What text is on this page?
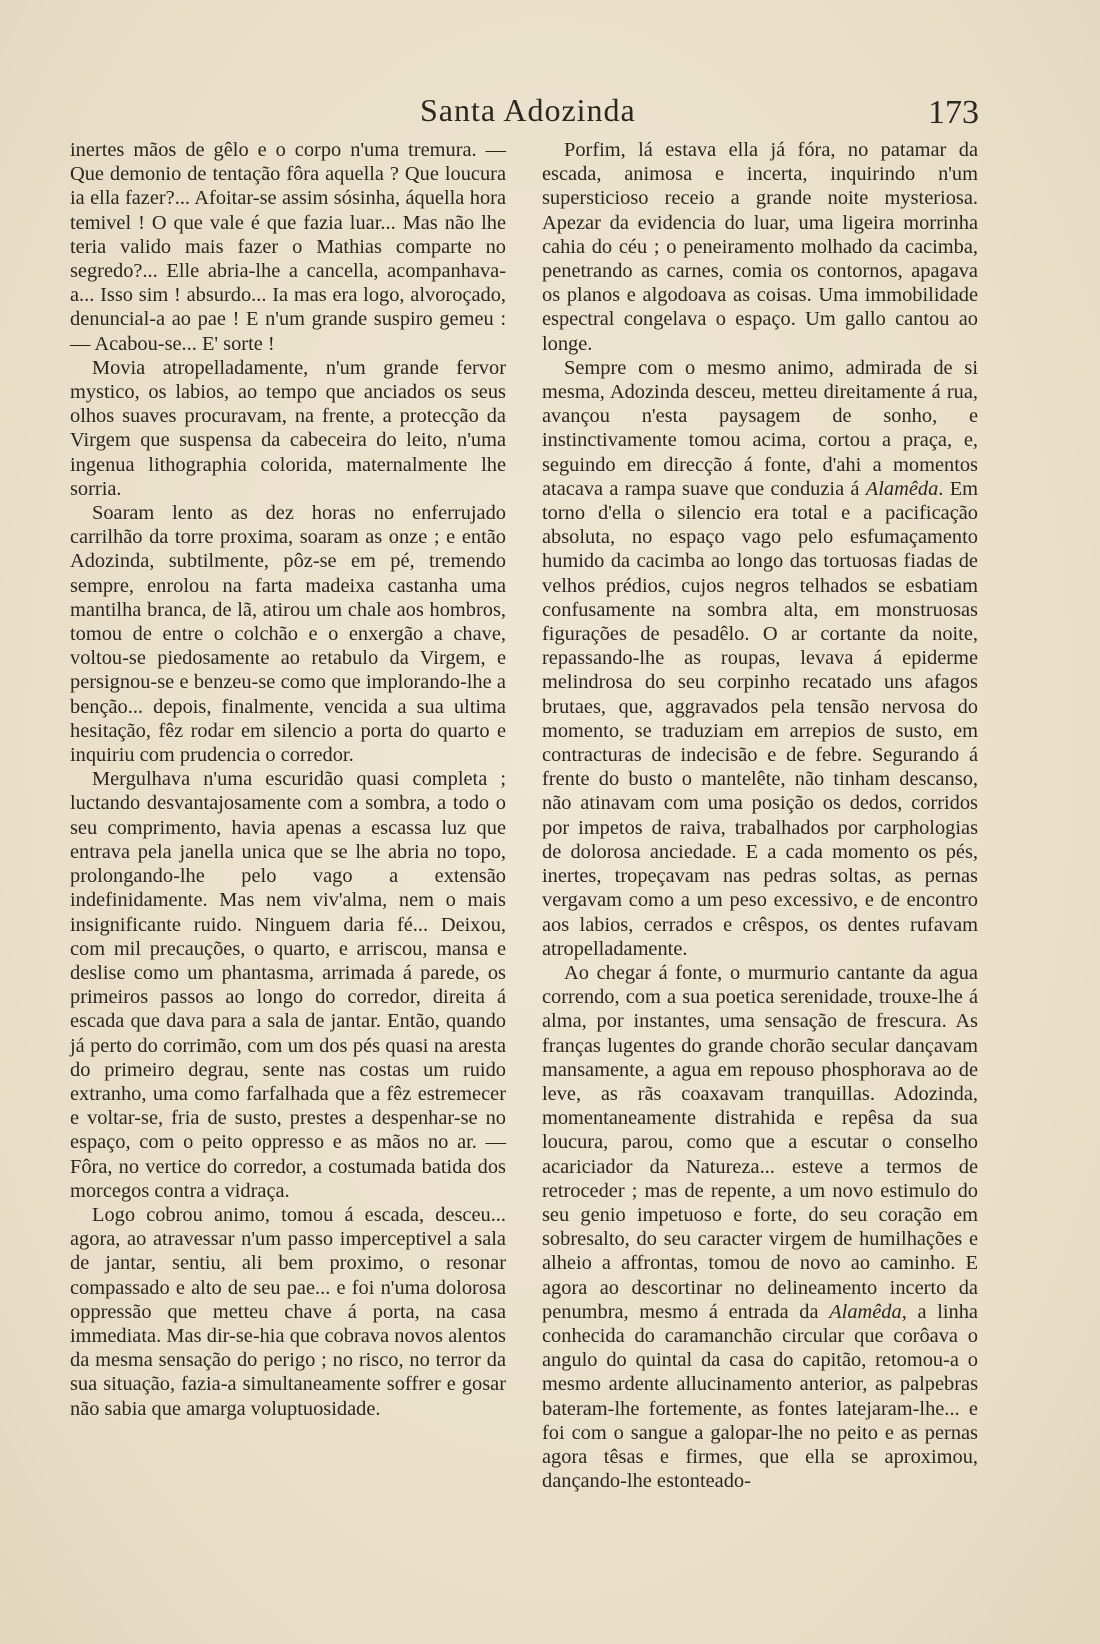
Santa Adozinda	173

inertes mãos de gêlo e o corpo n'uma tremura. — Que demonio de tentação fôra aquella ? Que loucura ia ella fazer?... Afoitar-se assim sósinha, áquella hora temivel ! O que vale é que fazia luar... Mas não lhe teria valido mais fazer o Mathias comparte no segredo?... Elle abria-lhe a cancella, acompanhava-a... Isso sim ! absurdo... Ia mas era logo, alvoroçado, denuncial-a ao pae ! E n'um grande suspiro gemeu : — Acabou-se... E' sorte !

Movia atropelladamente, n'um grande fervor mystico, os labios, ao tempo que anciados os seus olhos suaves procuravam, na frente, a protecção da Virgem que suspensa da cabeceira do leito, n'uma ingenua lithographia colorida, maternalmente lhe sorria.

Soaram lento as dez horas no enferrujado carrilhão da torre proxima, soaram as onze ; e então Adozinda, subtilmente, pôz-se em pé, tremendo sempre, enrolou na farta madeixa castanha uma mantilha branca, de lã, atirou um chale aos hombros, tomou de entre o colchão e o enxergão a chave, voltou-se piedosamente ao retabulo da Virgem, e persignou-se e benzeu-se como que implorando-lhe a benção... depois, finalmente, vencida a sua ultima hesitação, fêz rodar em silencio a porta do quarto e inquiriu com prudencia o corredor.

Mergulhava n'uma escuridão quasi completa ; luctando desvantajosamente com a sombra, a todo o seu comprimento, havia apenas a escassa luz que entrava pela janella unica que se lhe abria no topo, prolongando-lhe pelo vago a extensão indefinidamente. Mas nem viv'alma, nem o mais insignificante ruido. Ninguem daria fé... Deixou, com mil precauções, o quarto, e arriscou, mansa e deslise como um phantasma, arrimada á parede, os primeiros passos ao longo do corredor, direita á escada que dava para a sala de jantar. Então, quando já perto do corrimão, com um dos pés quasi na aresta do primeiro degrau, sente nas costas um ruido extranho, uma como farfalhada que a fêz estremecer e voltar-se, fria de susto, prestes a despenhar-se no espaço, com o peito oppresso e as mãos no ar. — Fôra, no vertice do corredor, a costumada batida dos morcegos contra a vidraça.

Logo cobrou animo, tomou á escada, desceu... agora, ao atravessar n'um passo imperceptivel a sala de jantar, sentiu, ali bem proximo, o resonar compassado e alto de seu pae... e foi n'uma dolorosa oppressão que metteu chave á porta, na casa immediata. Mas dir-se-hia que cobrava novos alentos da mesma sensação do perigo ; no risco, no terror da sua situação, fazia-a simultaneamente soffrer e gosar não sabia que amarga voluptuosidade.

Porfim, lá estava ella já fóra, no patamar da escada, animosa e incerta, inquirindo n'um supersticioso receio a grande noite mysteriosa. Apezar da evidencia do luar, uma ligeira morrinha cahia do céu ; o peneiramento molhado da cacimba, penetrando as carnes, comia os contornos, apagava os planos e algodoava as coisas. Uma immobilidade espectral congelava o espaço. Um gallo cantou ao longe.

Sempre com o mesmo animo, admirada de si mesma, Adozinda desceu, metteu direitamente á rua, avançou n'esta paysagem de sonho, e instinctivamente tomou acima, cortou a praça, e, seguindo em direcção á fonte, d'ahi a momentos atacava a rampa suave que conduzia á Alamêda. Em torno d'ella o silencio era total e a pacificação absoluta, no espaço vago pelo esfumaçamento humido da cacimba ao longo das tortuosas fiadas de velhos prédios, cujos negros telhados se esbatiam confusamente na sombra alta, em monstruosas figurações de pesadêlo. O ar cortante da noite, repassando-lhe as roupas, levava á epiderme melindrosa do seu corpinho recatado uns afagos brutaes, que, aggravados pela tensão nervosa do momento, se traduziam em arrepios de susto, em contracturas de indecisão e de febre. Segurando á frente do busto o mantelête, não tinham descanso, não atinavam com uma posição os dedos, corridos por impetos de raiva, trabalhados por carphologias de dolorosa anciedade. E a cada momento os pés, inertes, tropeçavam nas pedras soltas, as pernas vergavam como a um peso excessivo, e de encontro aos labios, cerrados e crêspos, os dentes rufavam atropelladamente.

Ao chegar á fonte, o murmurio cantante da agua correndo, com a sua poetica serenidade, trouxe-lhe á alma, por instantes, uma sensação de frescura. As franças lugentes do grande chorão secular dançavam mansamente, a agua em repouso phosphorava ao de leve, as rãs coaxavam tranquillas. Adozinda, momentaneamente distrahida e repêsa da sua loucura, parou, como que a escutar o conselho acariciador da Natureza... esteve a termos de retroceder ; mas de repente, a um novo estimulo do seu genio impetuoso e forte, do seu coração em sobresalto, do seu caracter virgem de humilhações e alheio a affrontas, tomou de novo ao caminho. E agora ao descortinar no delineamento incerto da penumbra, mesmo á entrada da Alamêda, a linha conhecida do caramanchão circular que corôava o angulo do quintal da casa do capitão, retomou-a o mesmo ardente allucinamento anterior, as palpebras bateram-lhe fortemente, as fontes latejaram-lhe... e foi com o sangue a galopar-lhe no peito e as pernas agora têsas e firmes, que ella se aproximou, dançando-lhe estonteado-
